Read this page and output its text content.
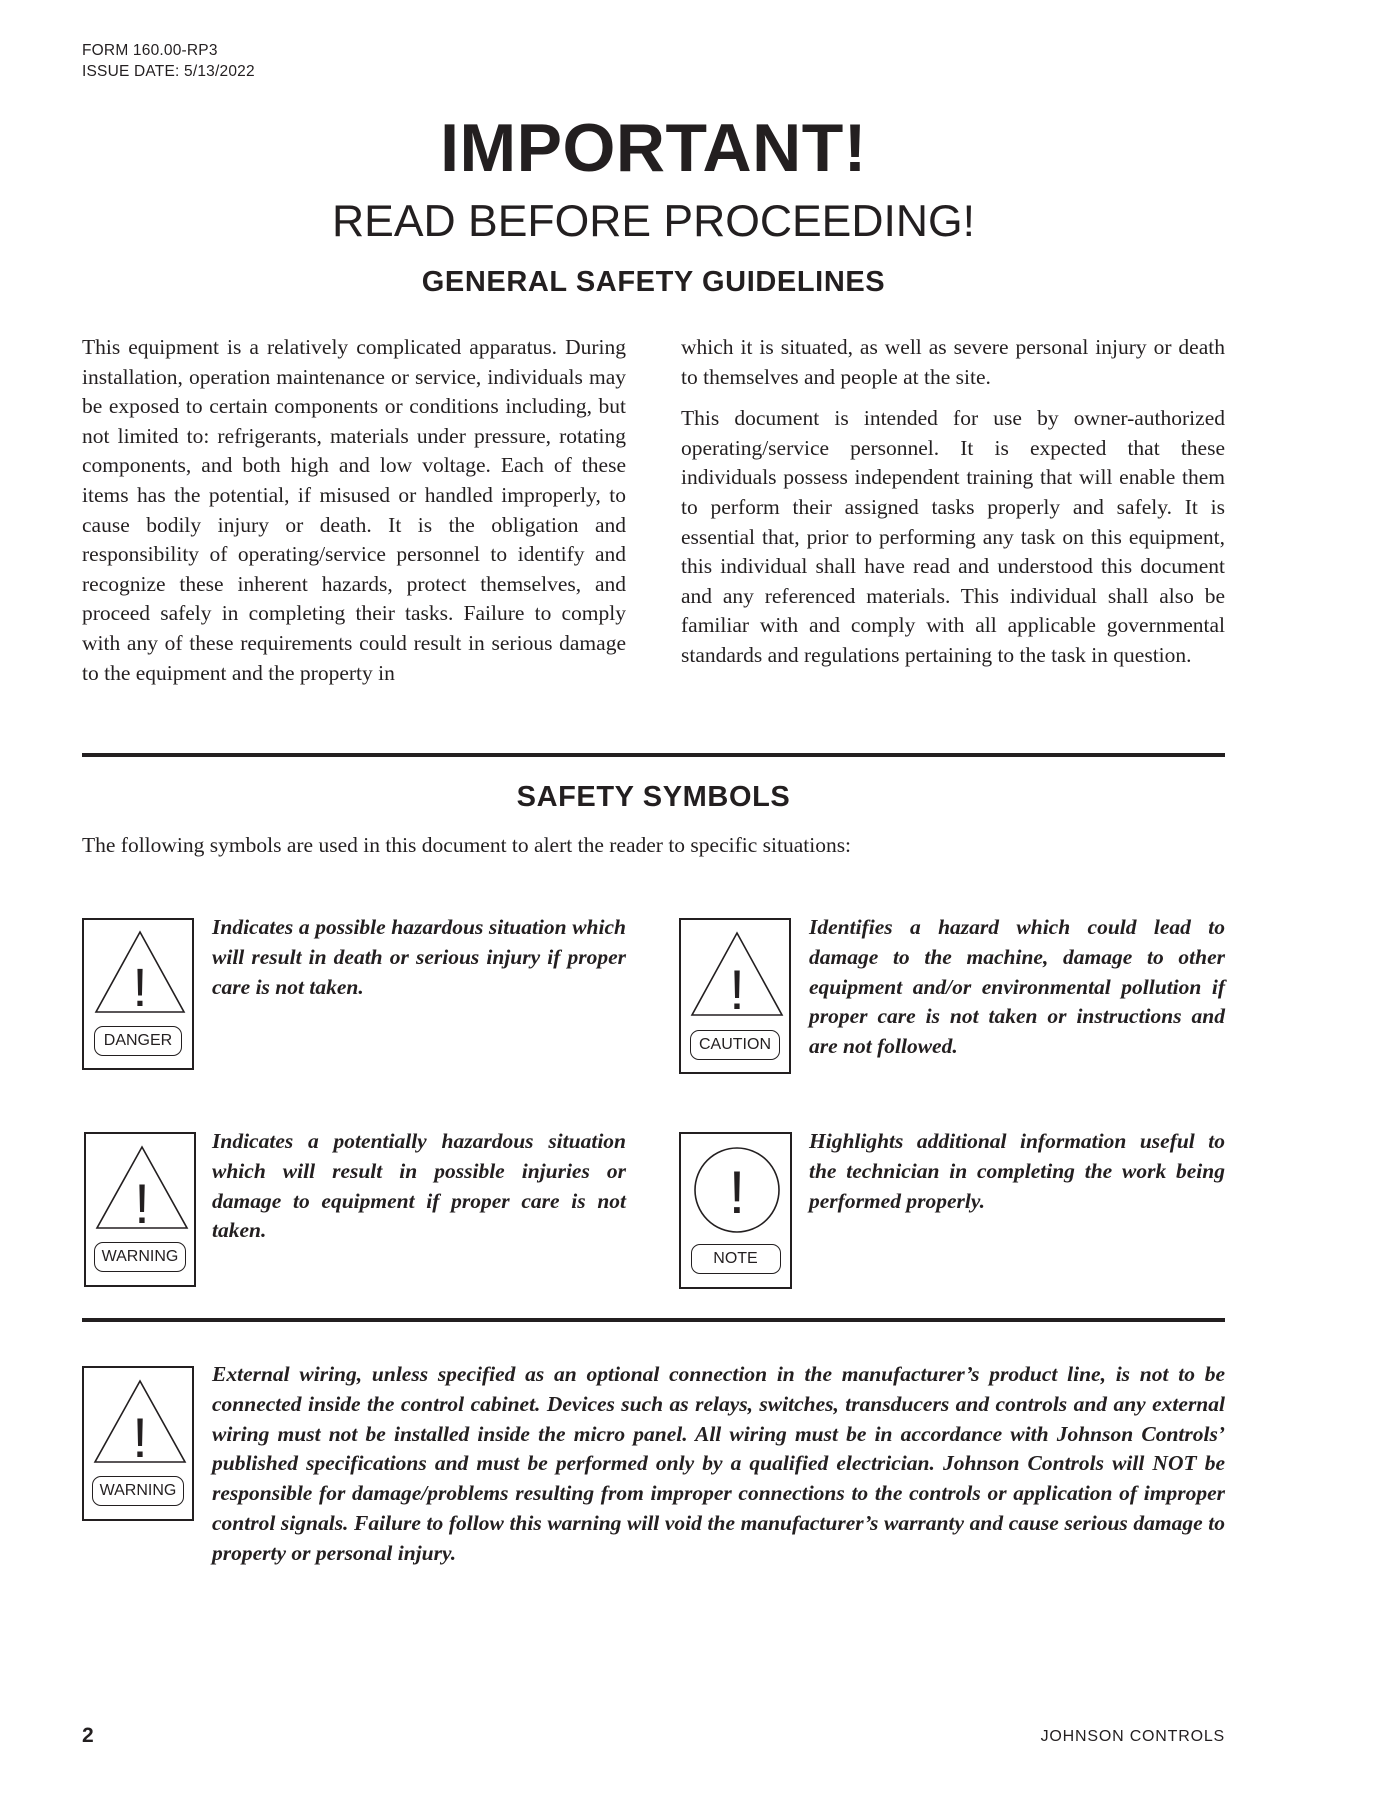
FORM 160.00-RP3
ISSUE DATE: 5/13/2022
IMPORTANT!
READ BEFORE PROCEEDING!
GENERAL SAFETY GUIDELINES

This equipment is a relatively complicated apparatus. During installation, operation maintenance or service, individuals may be exposed to certain components or conditions including, but not limited to: refrigerants, materials under pressure, rotating components, and both high and low voltage. Each of these items has the potential, if misused or handled improperly, to cause bodily injury or death. It is the obligation and responsibility of operating/service personnel to identify and recognize these inherent hazards, protect themselves, and proceed safely in completing their tasks. Failure to comply with any of these requirements could result in serious damage to the equipment and the property in

which it is situated, as well as severe personal injury or death to themselves and people at the site.

This document is intended for use by owner-authorized operating/service personnel. It is expected that these individuals possess independent training that will enable them to perform their assigned tasks properly and safely. It is essential that, prior to performing any task on this equipment, this individual shall have read and understood this document and any referenced materials. This individual shall also be familiar with and comply with all applicable governmental standards and regulations pertaining to the task in question.

SAFETY SYMBOLS
The following symbols are used in this document to alert the reader to specific situations:
!
DANGER
Indicates a possible hazardous situation which will result in death or serious injury if proper care is not taken.	!
CAUTION
Identifies a hazard which could lead to damage to the machine, damage to other equipment and/or environmental pollution if proper care is not taken or instructions and are not followed.
!
WARNING
Indicates a potentially hazardous situation which will result in possible injuries or damage to equipment if proper care is not taken.
!
NOTE
Highlights additional information useful to the technician in completing the work being performed properly.
!
WARNING
External wiring, unless specified as an optional connection in the manufacturer’s product line, is not to be connected inside the control cabinet. Devices such as relays, switches, transducers and controls and any external wiring must not be installed inside the micro panel. All wiring must be in accordance with Johnson Controls’ published specifications and must be performed only by a qualified electrician. Johnson Controls will NOT be responsible for damage/problems resulting from improper connections to the controls or application of improper control signals. Failure to follow this warning will void the manufacturer’s warranty and cause serious damage to property or personal injury.
2	JOHNSON CONTROLS
